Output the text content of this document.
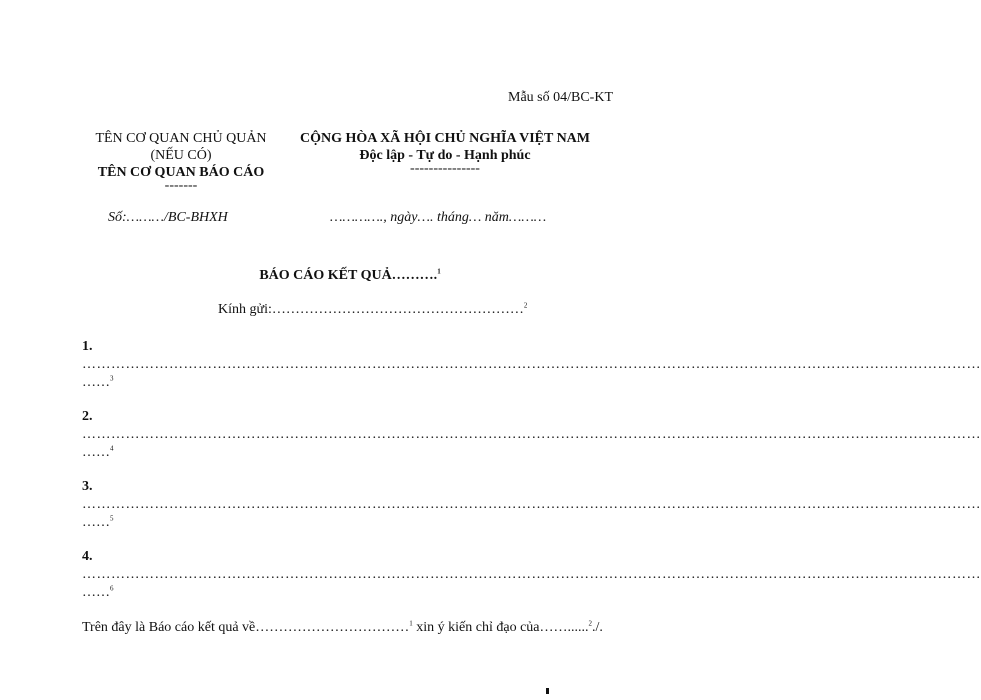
Mẫu số 04/BC-KT
TÊN CƠ QUAN CHỦ QUẢN
(NẾU CÓ)
TÊN CƠ QUAN BÁO CÁO
-------
CỘNG HÒA XÃ HỘI CHỦ NGHĨA VIỆT NAM
Độc lập - Tự do - Hạnh phúc
---------------
Số:………/BC-BHXH	…………., ngày…. tháng… năm………
BÁO CÁO KẾT QUẢ……….$^1$
Kính gửi:………………………………………………$^2$
1.
……………………………………………………………………………………………………………………………………………………………………
……$^3$
2.
……………………………………………………………………………………………………………………………………………………………………
……$^4$
3.
……………………………………………………………………………………………………………………………………………………………………
……$^5$
4.
……………………………………………………………………………………………………………………………………………………………………
……$^6$
Trên đây là Báo cáo kết quả về……………………………$^1$ xin ý kiến chỉ đạo của……......$^2$./.
